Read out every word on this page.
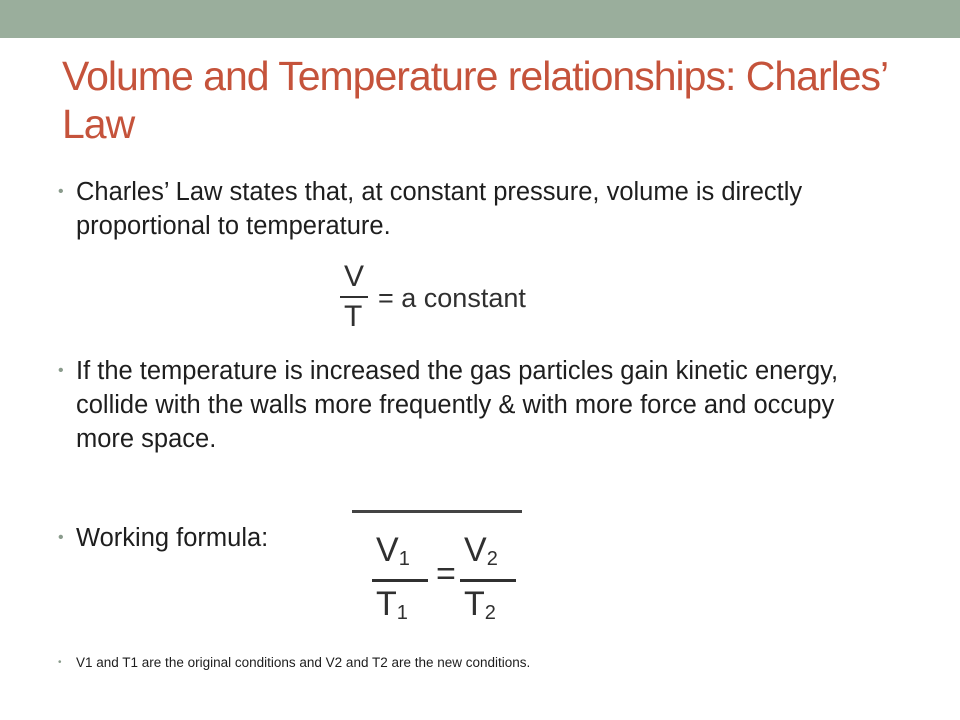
Volume and Temperature relationships: Charles’ Law
• Charles’ Law states that, at constant pressure, volume is directly proportional to temperature.
V
T
= a constant
• If the temperature is increased the gas particles gain kinetic energy, collide with the walls more frequently & with more force and occupy more space.
• Working formula:	$V_1$
$T_1$
=
$V_2$
$T_2$
•	V1 and T1 are the original conditions and V2 and T2 are the new conditions.
